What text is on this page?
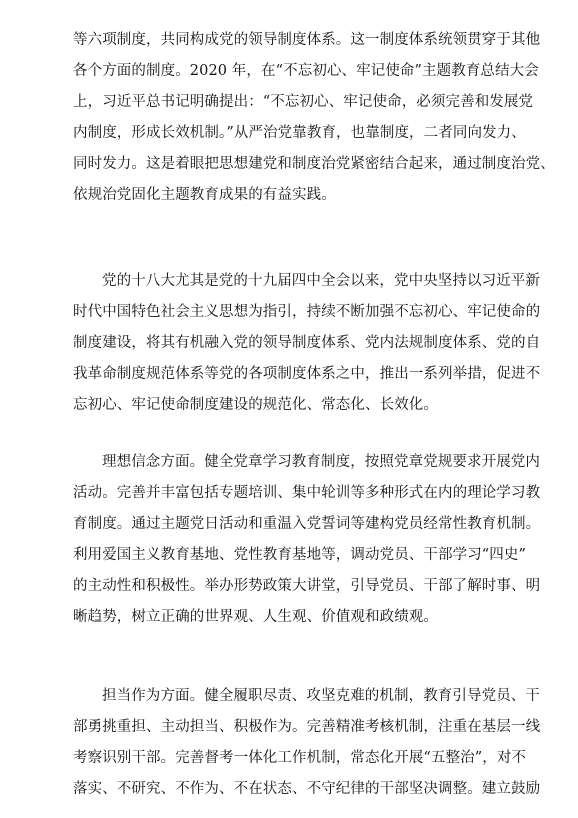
等六项制度，共同构成党的领导制度体系。这一制度体系统领贯穿于其他
各个方面的制度。2020 年，在“不忘初心、牢记使命”主题教育总结大会
上，习近平总书记明确提出：“不忘初心、牢记使命，必须完善和发展党
内制度，形成长效机制。”从严治党靠教育，也靠制度，二者同向发力、
同时发力。这是着眼把思想建党和制度治党紧密结合起来，通过制度治党、
依规治党固化主题教育成果的有益实践。
党的十八大尤其是党的十九届四中全会以来，党中央坚持以习近平新
时代中国特色社会主义思想为指引，持续不断加强不忘初心、牢记使命的
制度建设，将其有机融入党的领导制度体系、党内法规制度体系、党的自
我革命制度规范体系等党的各项制度体系之中，推出一系列举措，促进不
忘初心、牢记使命制度建设的规范化、常态化、长效化。
理想信念方面。健全党章学习教育制度，按照党章党规要求开展党内
活动。完善并丰富包括专题培训、集中轮训等多种形式在内的理论学习教
育制度。通过主题党日活动和重温入党誓词等建构党员经常性教育机制。
利用爱国主义教育基地、党性教育基地等，调动党员、干部学习“四史”
的主动性和积极性。举办形势政策大讲堂，引导党员、干部了解时事、明
晰趋势，树立正确的世界观、人生观、价值观和政绩观。
担当作为方面。健全履职尽责、攻坚克难的机制，教育引导党员、干
部勇挑重担、主动担当、积极作为。完善精准考核机制，注重在基层一线
考察识别干部。完善督考一体化工作机制，常态化开展“五整治”，对不
落实、不研究、不作为、不在状态、不守纪律的干部坚决调整。建立鼓励
